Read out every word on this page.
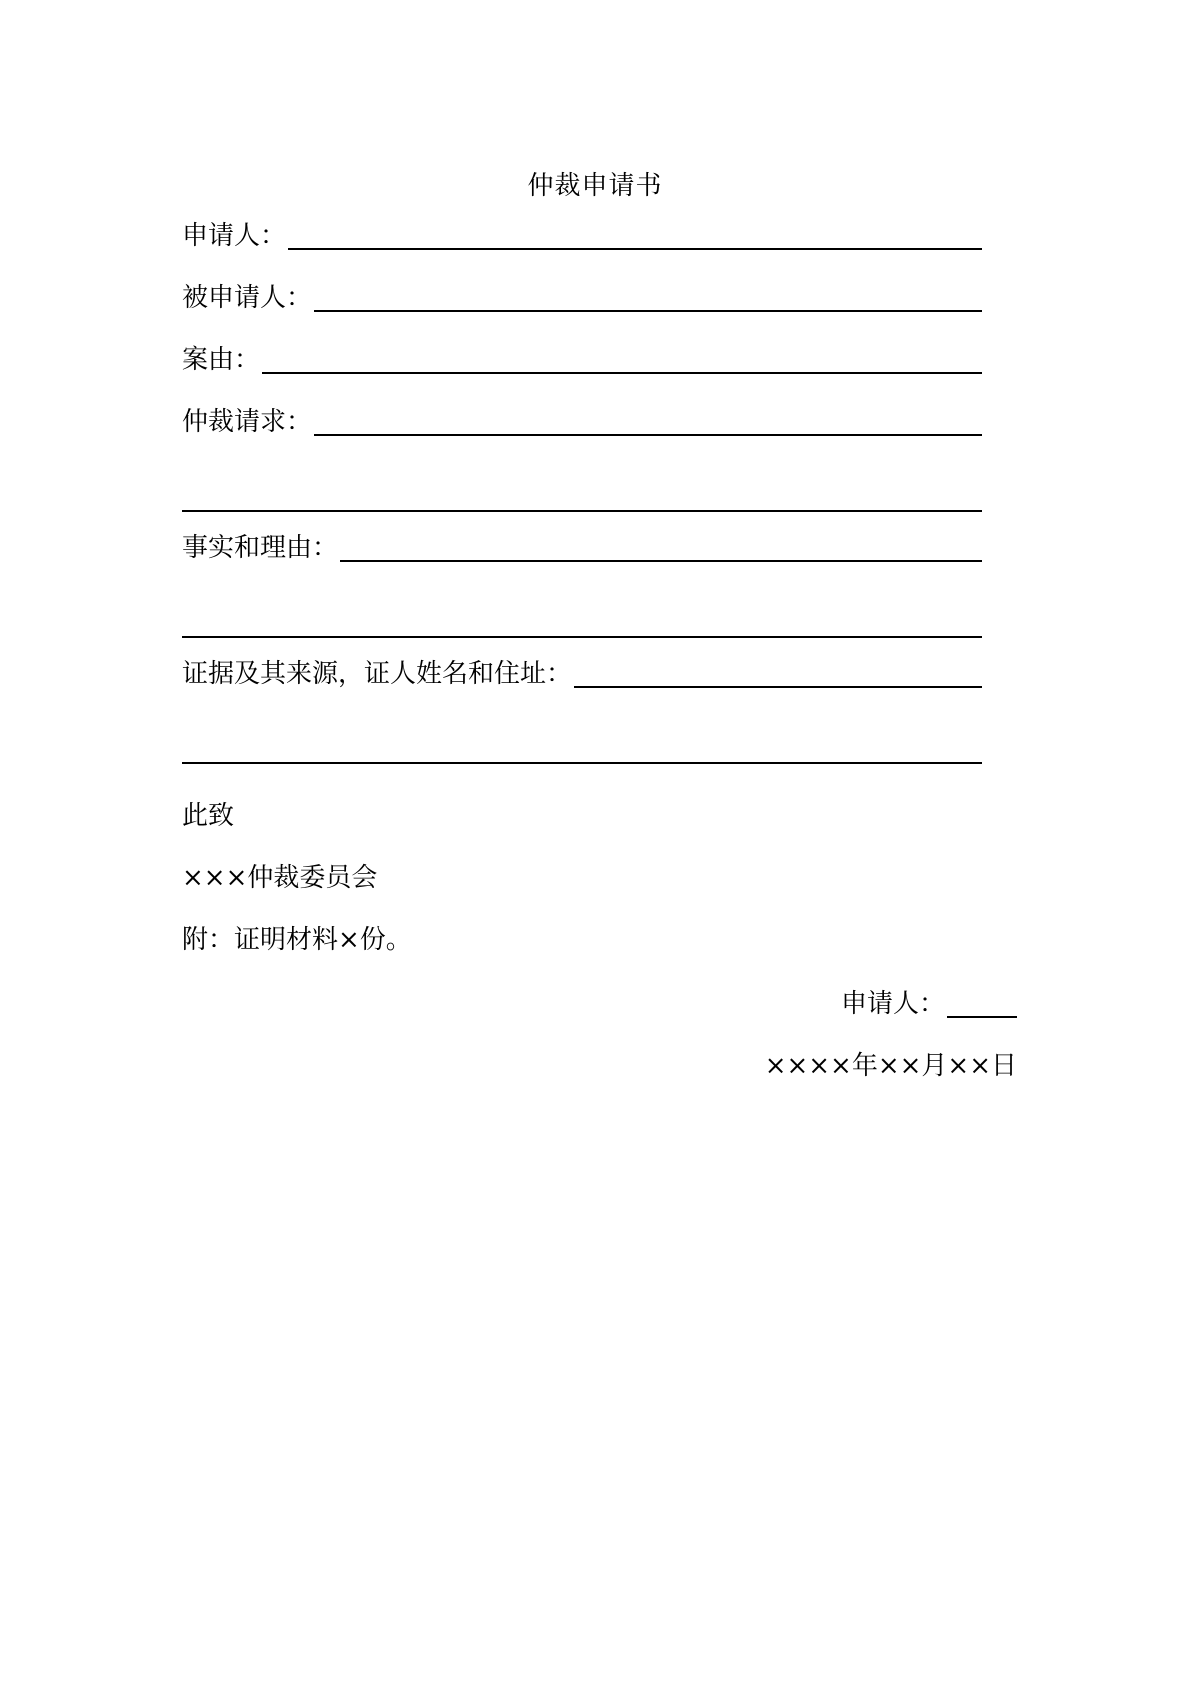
仲裁申请书
申请人：
被申请人：
案由：
仲裁请求：
事实和理由：
证据及其来源，证人姓名和住址：
此致
×××仲裁委员会
附：证明材料×份。
申请人：
××××年××月××日
